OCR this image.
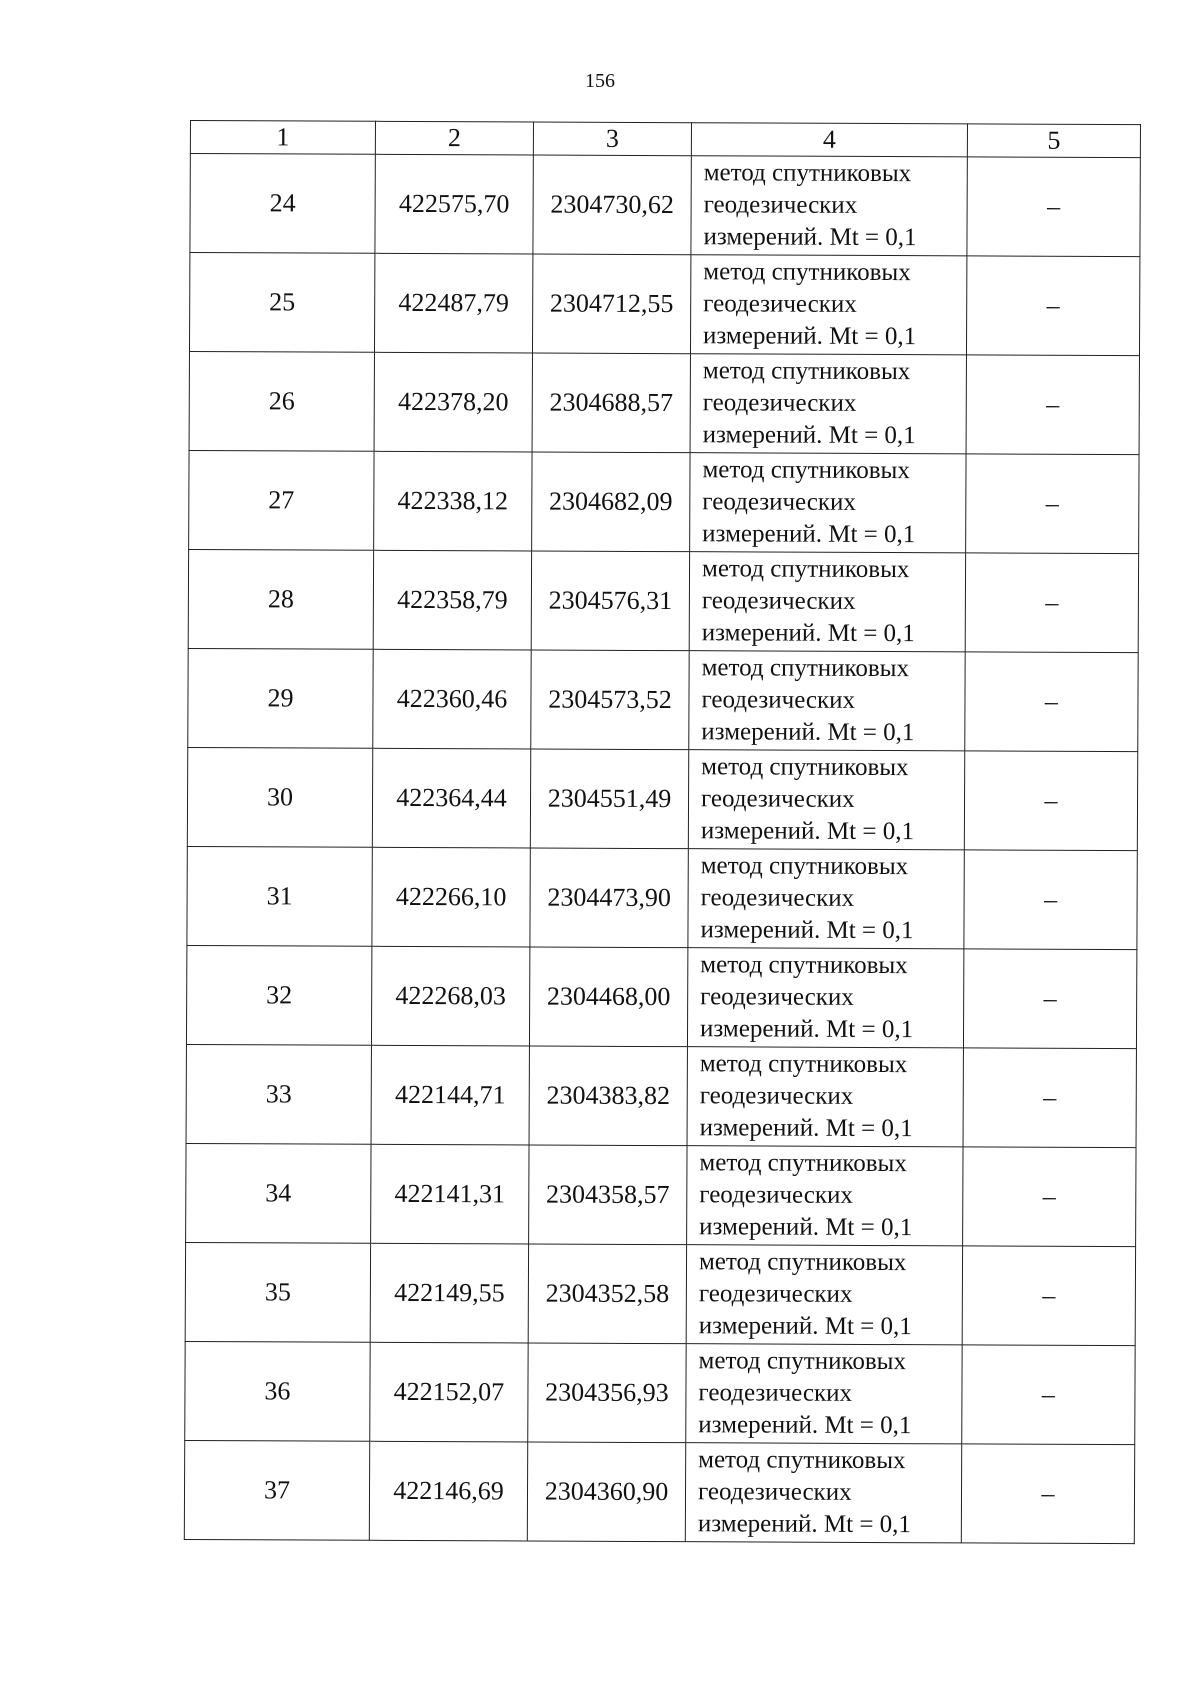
156
1	2	3	4	5
24	422575,70	2304730,62	метод спутниковых
геодезических
измерений. Mt = 0,1	–
25	422487,79	2304712,55	метод спутниковых
геодезических
измерений. Mt = 0,1	–
26	422378,20	2304688,57	метод спутниковых
геодезических
измерений. Mt = 0,1	–
27	422338,12	2304682,09	метод спутниковых
геодезических
измерений. Mt = 0,1	–
28	422358,79	2304576,31	метод спутниковых
геодезических
измерений. Mt = 0,1	–
29	422360,46	2304573,52	метод спутниковых
геодезических
измерений. Mt = 0,1	–
30	422364,44	2304551,49	метод спутниковых
геодезических
измерений. Mt = 0,1	–
31	422266,10	2304473,90	метод спутниковых
геодезических
измерений. Mt = 0,1	–
32	422268,03	2304468,00	метод спутниковых
геодезических
измерений. Mt = 0,1	–
33	422144,71	2304383,82	метод спутниковых
геодезических
измерений. Mt = 0,1	–
34	422141,31	2304358,57	метод спутниковых
геодезических
измерений. Mt = 0,1	–
35	422149,55	2304352,58	метод спутниковых
геодезических
измерений. Mt = 0,1	–
36	422152,07	2304356,93	метод спутниковых
геодезических
измерений. Mt = 0,1	–
37	422146,69	2304360,90	метод спутниковых
геодезических
измерений. Mt = 0,1	–
